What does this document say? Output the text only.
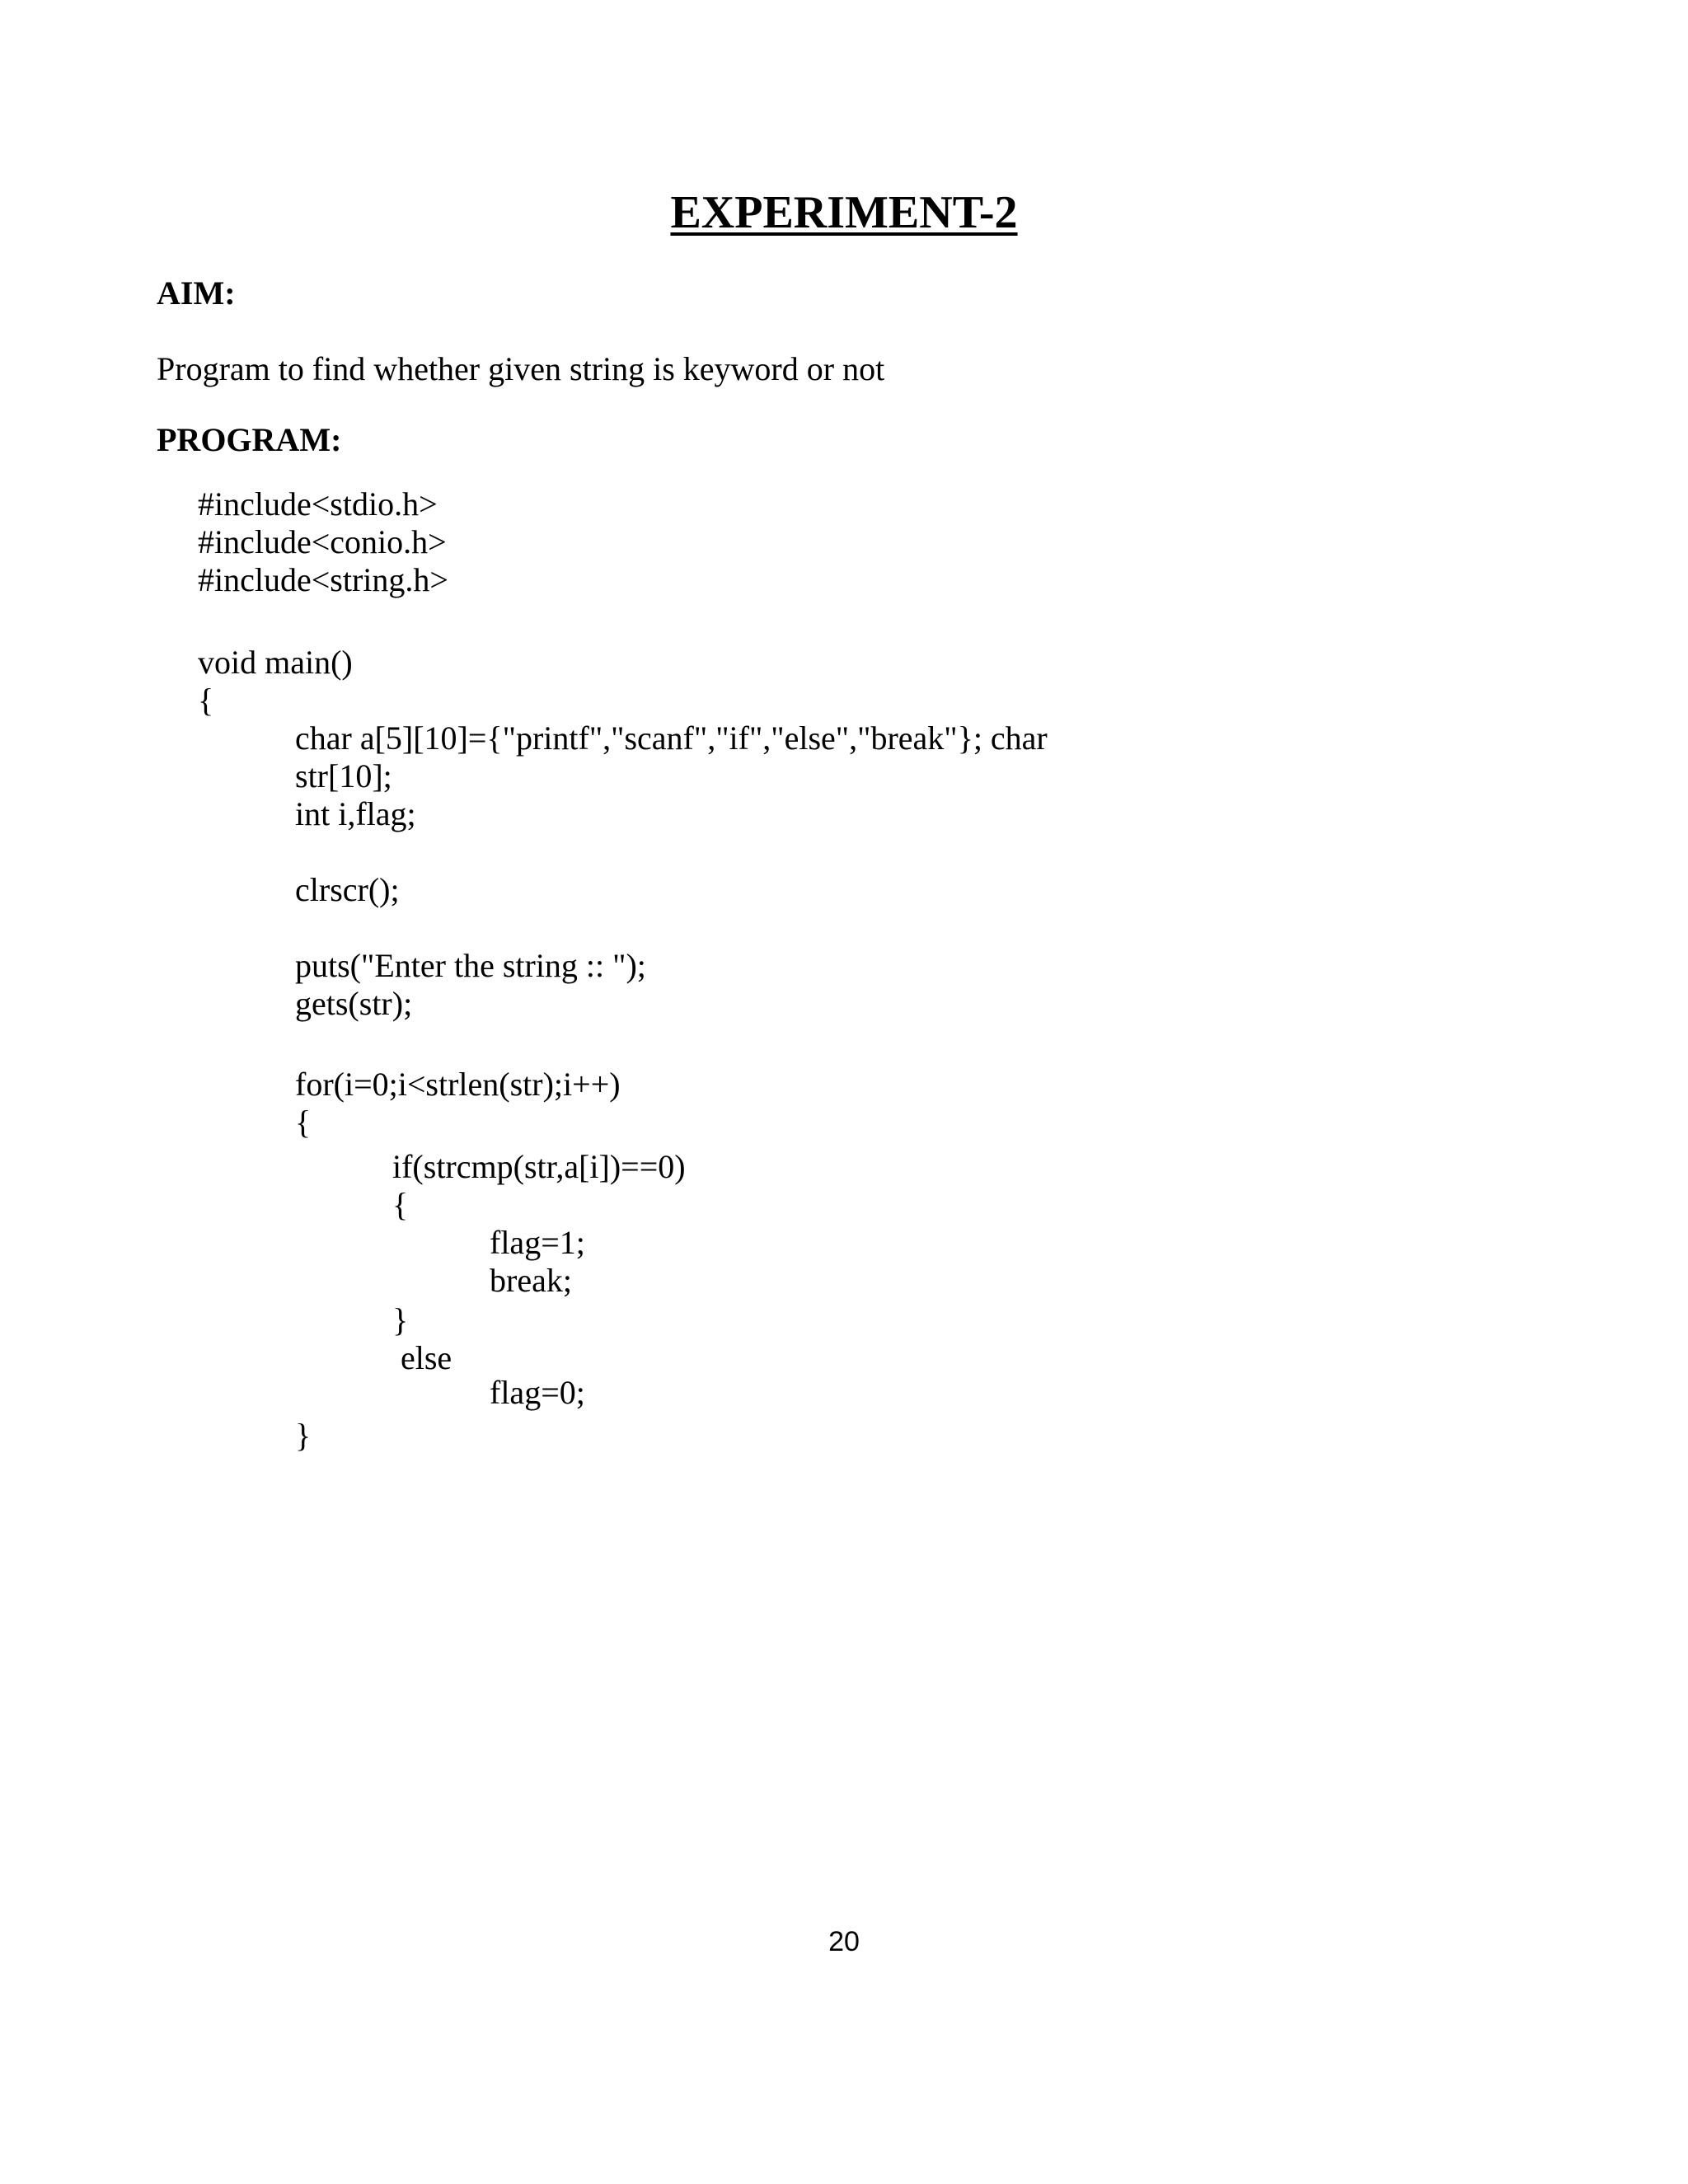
EXPERIMENT-2
AIM:

Program to find whether given string is keyword or not

PROGRAM:
#include<stdio.h>
#include<conio.h>
#include<string.h>
void main()
{
char a[5][10]={"printf","scanf","if","else","break"}; char
str[10];
int i,flag;
clrscr();
puts("Enter the string :: ");
gets(str);
for(i=0;i<strlen(str);i++)
{
if(strcmp(str,a[i])==0)
{
flag=1;
break;
}
else
flag=0;
}
20
